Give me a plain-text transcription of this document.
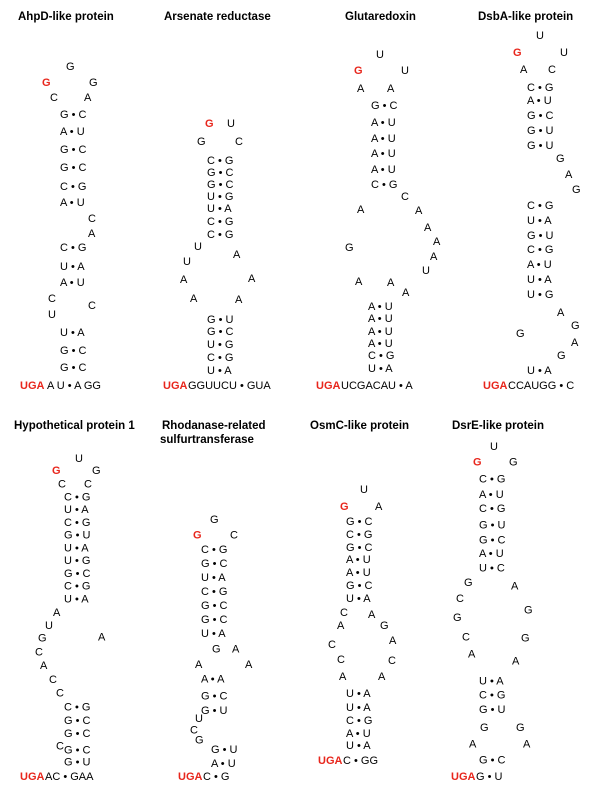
AhpD-like protein	Arsenate reductase	Glutaredoxin	DsbA-like protein
Hypothetical protein 1 Rhodanase-related
sulfurtransferase
OsmC-like protein	DsrE-like protein
G
G
G
C A
G • C
A • U
G • C
G • C
C • G
A • U
C
A
C • G
U • A
A • U
C
C
U
U • A
G • C
G • C
UGA A U • A GG
G U
G	C
C • G
G • C
G • C
U • G
U • A
C • G
C • G
U
A
U
A
A
A	A
G • U
G • C
U • G
C • G
U • A
UGA GGUUCU • GUA
U
G	U
A A
G • C
A • U
A • U
A • U
A • U
C • G
C
A
A
A
A
G
A
U
A A
A
A • U
A • U
A • U
A • U
C • G
U • A
UGA UCGACAU • A
U
G	U
A C
C • G
A • U
G • C
G • U
G • U
G
A
G
C • G
U • A
G • U
C • G
A • U
U • A
U • G
A
G
G
A
G
U • A
UGA CCAUGG • C
U
G	G
C C
C • G
U • A
C • G
G • U
U • A
U • G
G • C
C • G
U • A
A
U
G	A
C
A
C
C
C • G
G • C
G • C
C G • C
G • U
UGA AC • GAA
G
G	C
C • G
G • C
U • A
C • G
G • C
G • C
U • A
G A
A	A
A • A
G • C
G • U
U
C
G
G • U
A • U
UGA C • G
U
G A
G • C
C • G
G • C
A • U
A • U
G • C
U • A
C A
A	G
C	A
C	C
A	A
U • A
U • A
C • G
A • U
U • A
UGA C • GG
U
G G
C • G
A • U
C • G
G • U
G • C
A • U
U • C
G	A
C
G
G
G
C
A
A
U • A
C • G
G • U
G G
A	A
G • C
UGA G • U
